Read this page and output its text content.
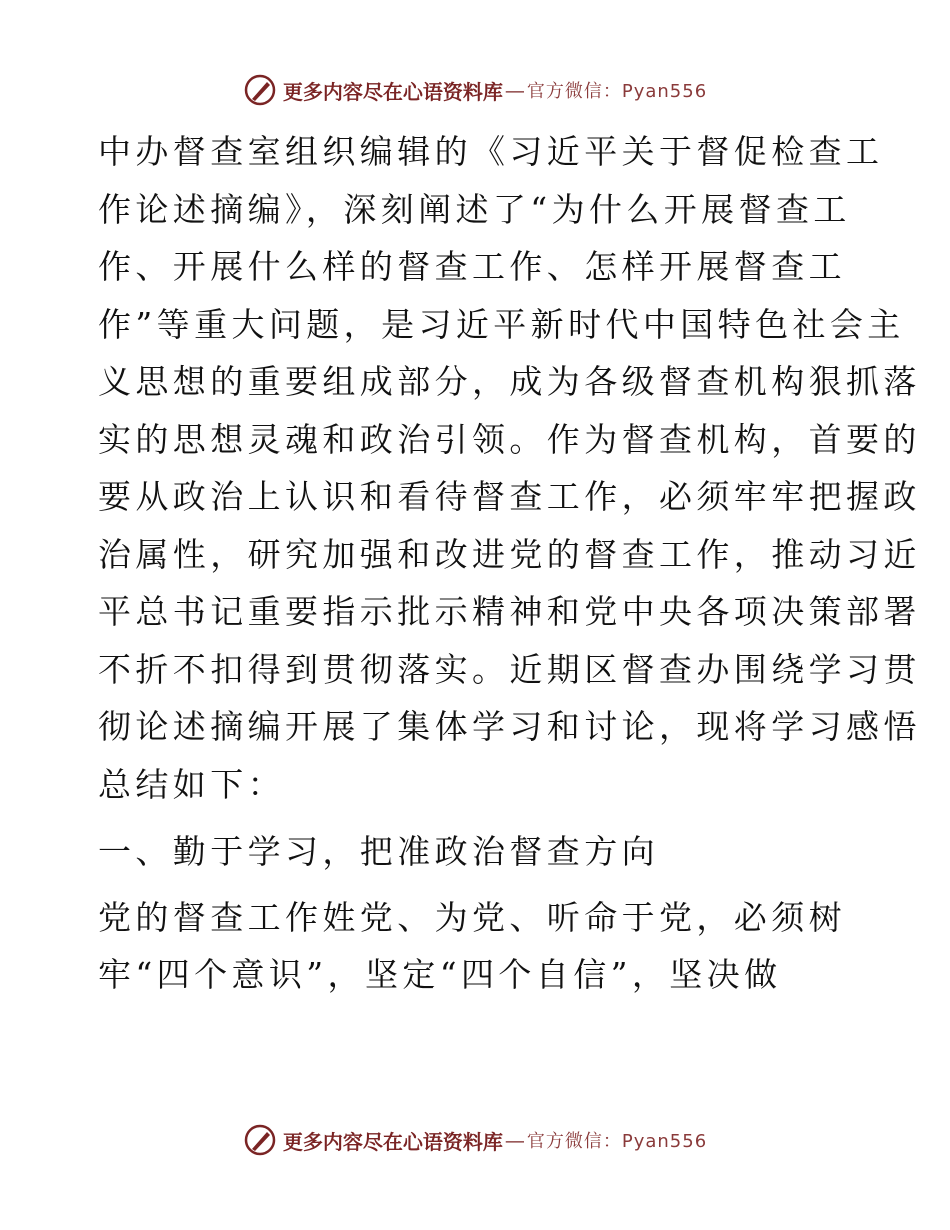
更多内容尽在心语资料库 — 官方微信：Pyan556
中办督查室组织编辑的《习近平关于督促检查工
作论述摘编》，深刻阐述了“为什么开展督查工
作、开展什么样的督查工作、怎样开展督查工
作”等重大问题，是习近平新时代中国特色社会主
义思想的重要组成部分，成为各级督查机构狠抓落
实的思想灵魂和政治引领。作为督查机构，首要的
要从政治上认识和看待督查工作，必须牢牢把握政
治属性，研究加强和改进党的督查工作，推动习近
平总书记重要指示批示精神和党中央各项决策部署
不折不扣得到贯彻落实。近期区督查办围绕学习贯
彻论述摘编开展了集体学习和讨论，现将学习感悟
总结如下：
一、勤于学习，把准政治督查方向
党的督查工作姓党、为党、听命于党，必须树
牢“四个意识”，坚定“四个自信”，坚决做
更多内容尽在心语资料库 — 官方微信：Pyan556
